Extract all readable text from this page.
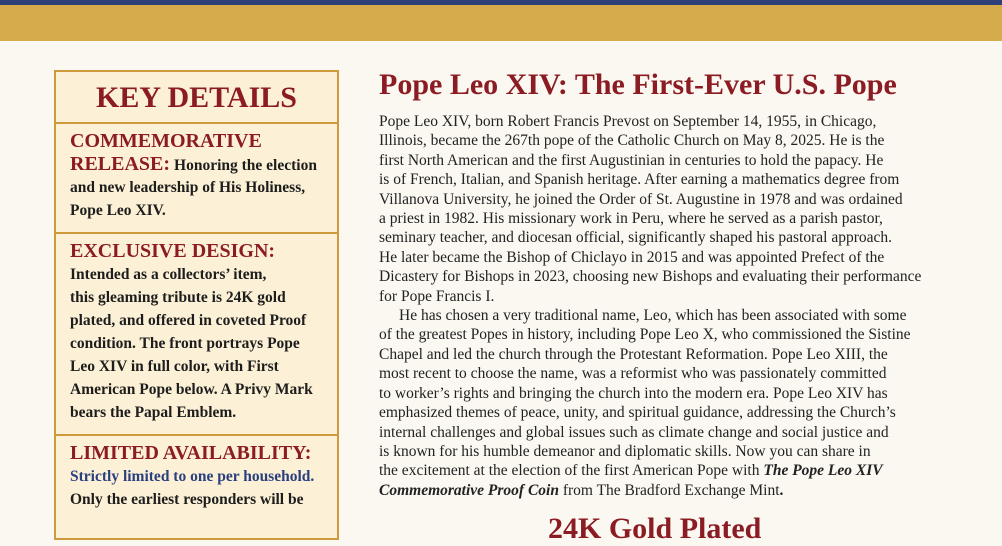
KEY DETAILS
COMMEMORATIVE
RELEASE: Honoring the election
and new leadership of His Holiness,
Pope Leo XIV.
EXCLUSIVE DESIGN:
Intended as a collectors’ item,
this gleaming tribute is 24K gold
plated, and offered in coveted Proof
condition. The front portrays Pope
Leo XIV in full color, with First
American Pope below. A Privy Mark
bears the Papal Emblem.
LIMITED AVAILABILITY:
Strictly limited to one per household.
Only the earliest responders will be
Pope Leo XIV: The First-Ever U.S. Pope
Pope Leo XIV, born Robert Francis Prevost on September 14, 1955, in Chicago,
Illinois, became the 267th pope of the Catholic Church on May 8, 2025. He is the
first North American and the first Augustinian in centuries to hold the papacy. He
is of French, Italian, and Spanish heritage. After earning a mathematics degree from
Villanova University, he joined the Order of St. Augustine in 1978 and was ordained
a priest in 1982. His missionary work in Peru, where he served as a parish pastor,
seminary teacher, and diocesan official, significantly shaped his pastoral approach.
He later became the Bishop of Chiclayo in 2015 and was appointed Prefect of the
Dicastery for Bishops in 2023, choosing new Bishops and evaluating their performance
for Pope Francis I.
He has chosen a very traditional name, Leo, which has been associated with some
of the greatest Popes in history, including Pope Leo X, who commissioned the Sistine
Chapel and led the church through the Protestant Reformation. Pope Leo XIII, the
most recent to choose the name, was a reformist who was passionately committed
to worker’s rights and bringing the church into the modern era. Pope Leo XIV has
emphasized themes of peace, unity, and spiritual guidance, addressing the Church’s
internal challenges and global issues such as climate change and social justice and
is known for his humble demeanor and diplomatic skills. Now you can share in
the excitement at the election of the first American Pope with The Pope Leo XIV
Commemorative Proof Coin from The Bradford Exchange Mint.
24K Gold Plated
